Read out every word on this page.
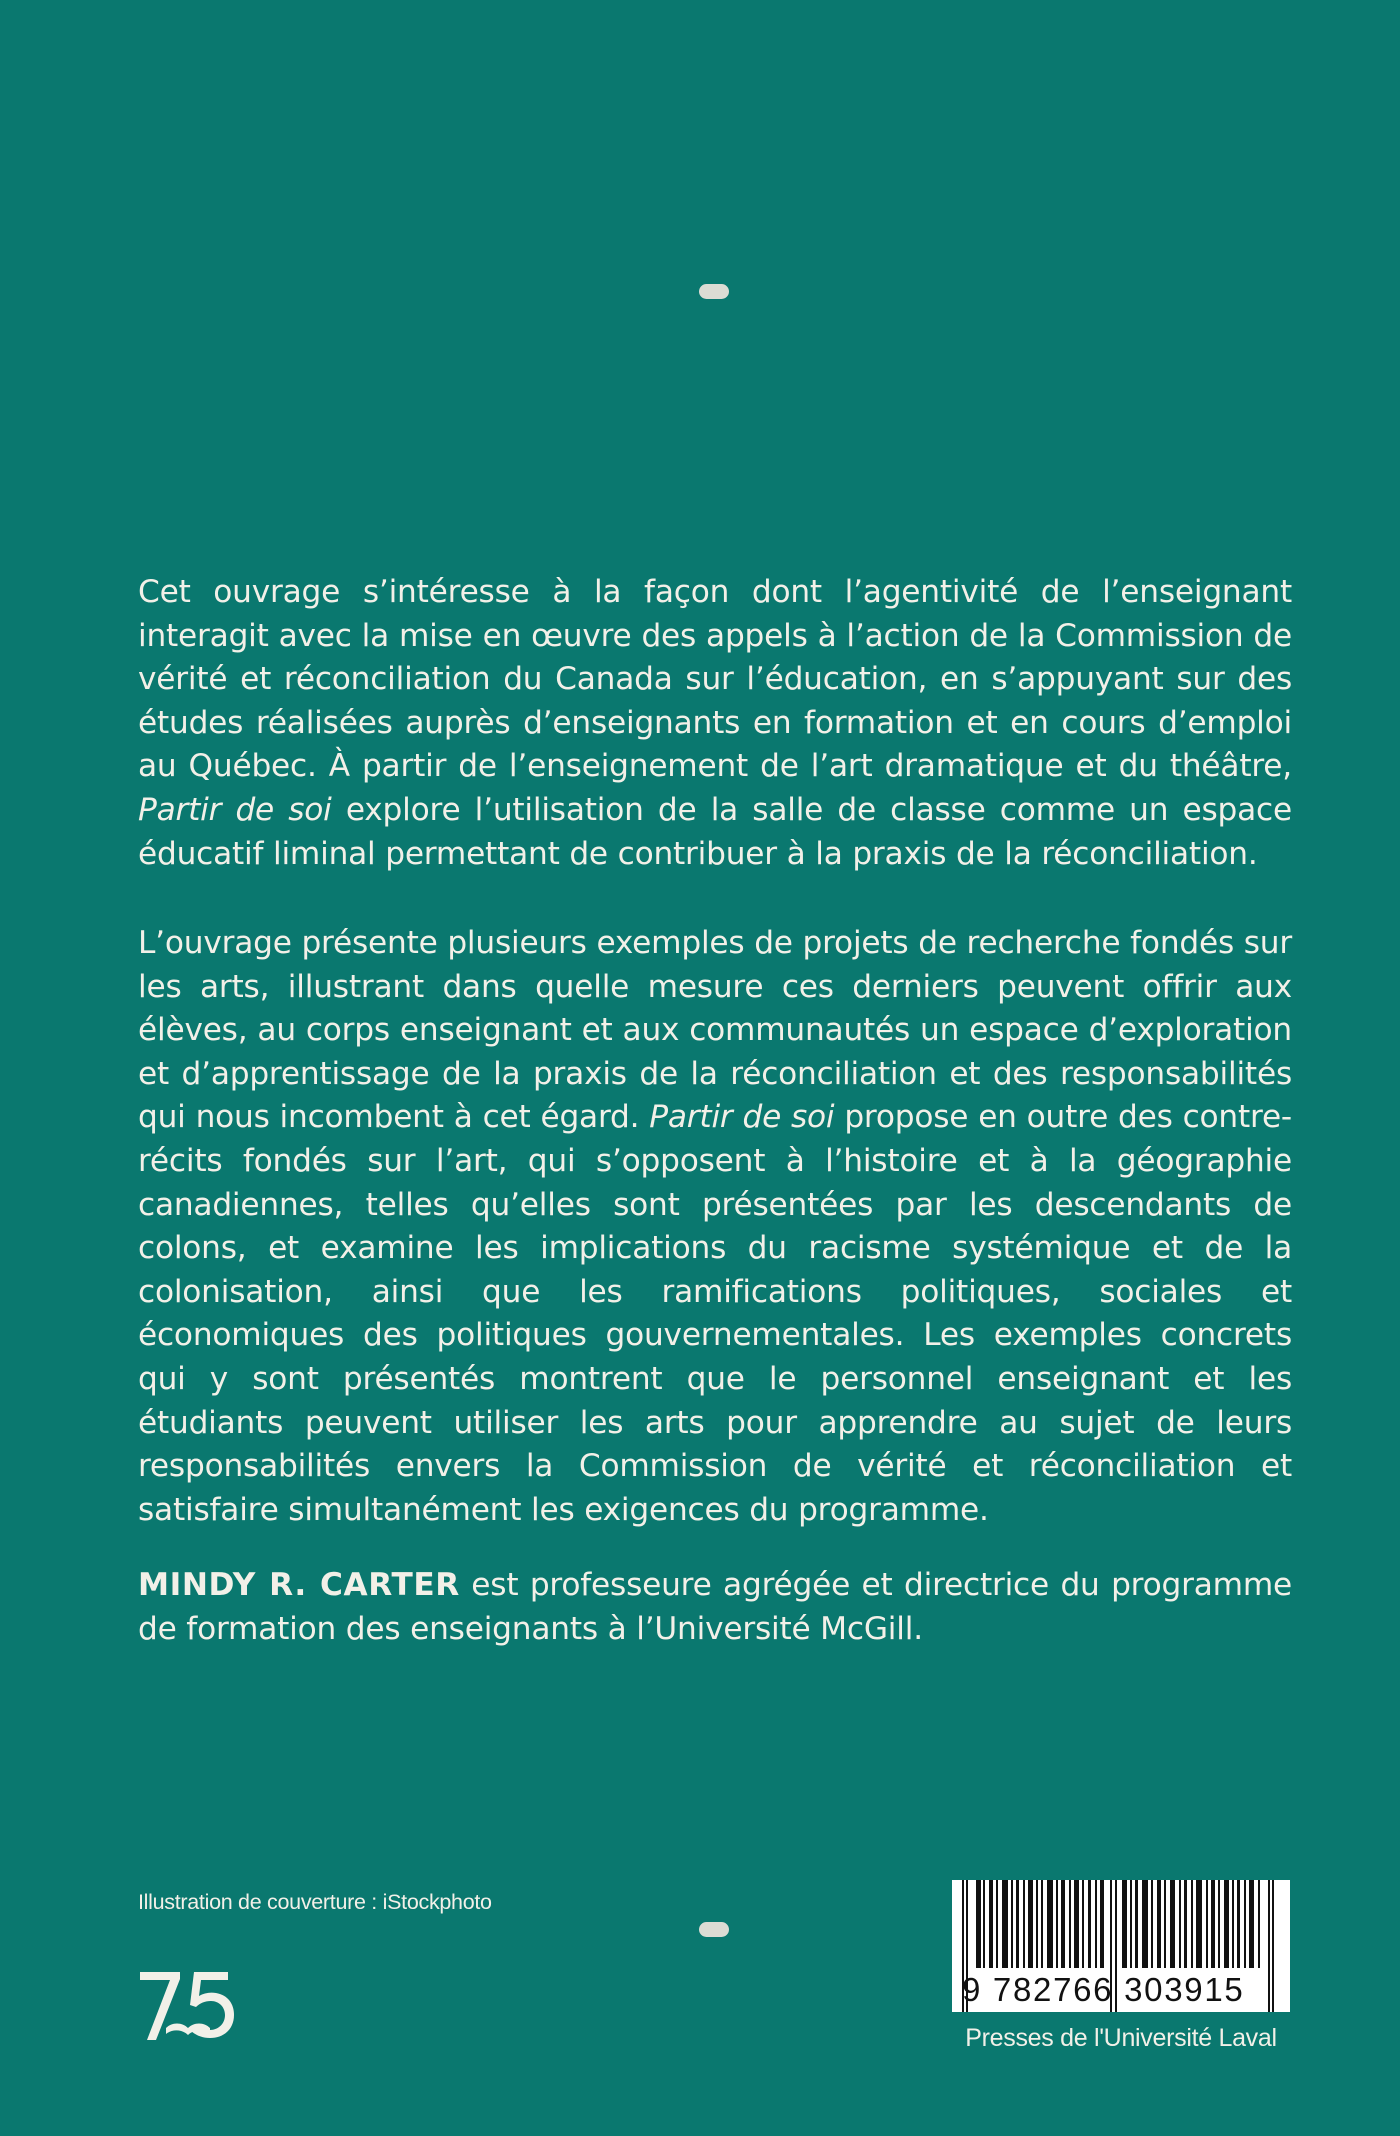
Cet ouvrage s’intéresse à la façon dont l’agentivité de l’enseignant interagit avec la mise en œuvre des appels à l’action de la Commission de vérité et réconciliation du Canada sur l’éducation, en s’appuyant sur des études réalisées auprès d’enseignants en formation et en cours d’emploi au Québec. À partir de l’enseignement de l’art dramatique et du théâtre, Partir de soi explore l’utilisation de la salle de classe comme un espace éducatif liminal permettant de contribuer à la praxis de la réconciliation.

L’ouvrage présente plusieurs exemples de projets de recherche fondés sur les arts, illustrant dans quelle mesure ces derniers peuvent offrir aux élèves, au corps enseignant et aux communautés un espace d’exploration et d’apprentissage de la praxis de la réconciliation et des responsabilités qui nous incombent à cet égard. Partir de soi propose en outre des contre-récits fondés sur l’art, qui s’opposent à l’histoire et à la géographie canadiennes, telles qu’elles sont présentées par les descendants de colons, et examine les implications du racisme systémique et de la colonisation, ainsi que les ramifications politiques, sociales et économiques des politiques gouvernementales. Les exemples concrets qui y sont présentés montrent que le personnel enseignant et les étudiants peuvent utiliser les arts pour apprendre au sujet de leurs responsabilités envers la Commission de vérité et réconciliation et satisfaire simultanément les exigences du programme.

MINDY R. CARTER est professeure agrégée et directrice du programme de formation des enseignants à l’Université McGill.

Illustration de couverture : iStockphoto
9 782766 303915
Presses de l'Université Laval
